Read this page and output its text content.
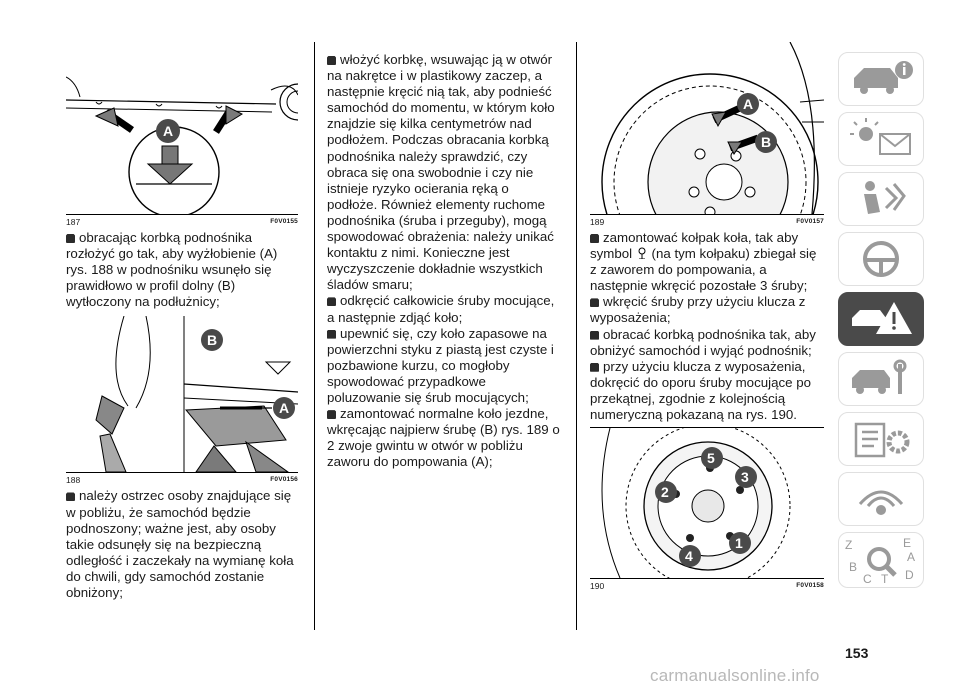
A
187	F0V0155

obracając korbką podnośnika rozłożyć go tak, aby wyżłobienie (A) rys. 188 w podnośniku wsunęło się prawidłowo w profil dolny (B) wytłoczony na podłużnicy;

B
A
188	F0V0156

należy ostrzec osoby znajdujące się w pobliżu, że samochód będzie podnoszony; ważne jest, aby osoby takie odsunęły się na bezpieczną odległość i zaczekały na wymianę koła do chwili, gdy samochód zostanie obniżony;

włożyć korbkę, wsuwając ją w otwór na nakrętce i w plastikowy zaczep, a następnie kręcić nią tak, aby podnieść samochód do momentu, w którym koło znajdzie się kilka centymetrów nad podłożem. Podczas obracania korbką podnośnika należy sprawdzić, czy obraca się ona swobodnie i czy nie istnieje ryzyko ocierania ręką o podłoże. Również elementy ruchome podnośnika (śruba i przeguby), mogą spowodować obrażenia: należy unikać kontaktu z nimi. Konieczne jest wyczyszczenie dokładnie wszystkich śladów smaru;

odkręcić całkowicie śruby mocujące, a następnie zdjąć koło;

upewnić się, czy koło zapasowe na powierzchni styku z piastą jest czyste i pozbawione kurzu, co mogłoby spowodować przypadkowe poluzowanie się śrub mocujących;

zamontować normalne koło jezdne, wkręcając najpierw śrubę (B) rys. 189 o 2 zwoje gwintu w otwór w pobliżu zaworu do pompowania (A);

A
B
189	F0V0157

zamontować kołpak koła, tak aby symbol (na tym kołpaku) zbiegał się z zaworem do pompowania, a następnie wkręcić pozostałe 3 śruby;

wkręcić śruby przy użyciu klucza z wyposażenia;

obracać korbką podnośnika tak, aby obniżyć samochód i wyjąć podnośnik;

przy użyciu klucza z wyposażenia, dokręcić do oporu śruby mocujące po przekątnej, zgodnie z kolejnością numeryczną pokazaną na rys. 190.

1
2
3
4
5
190	F0V0158
Z	E
A
B
C T D
153
carmanualsonline.info
